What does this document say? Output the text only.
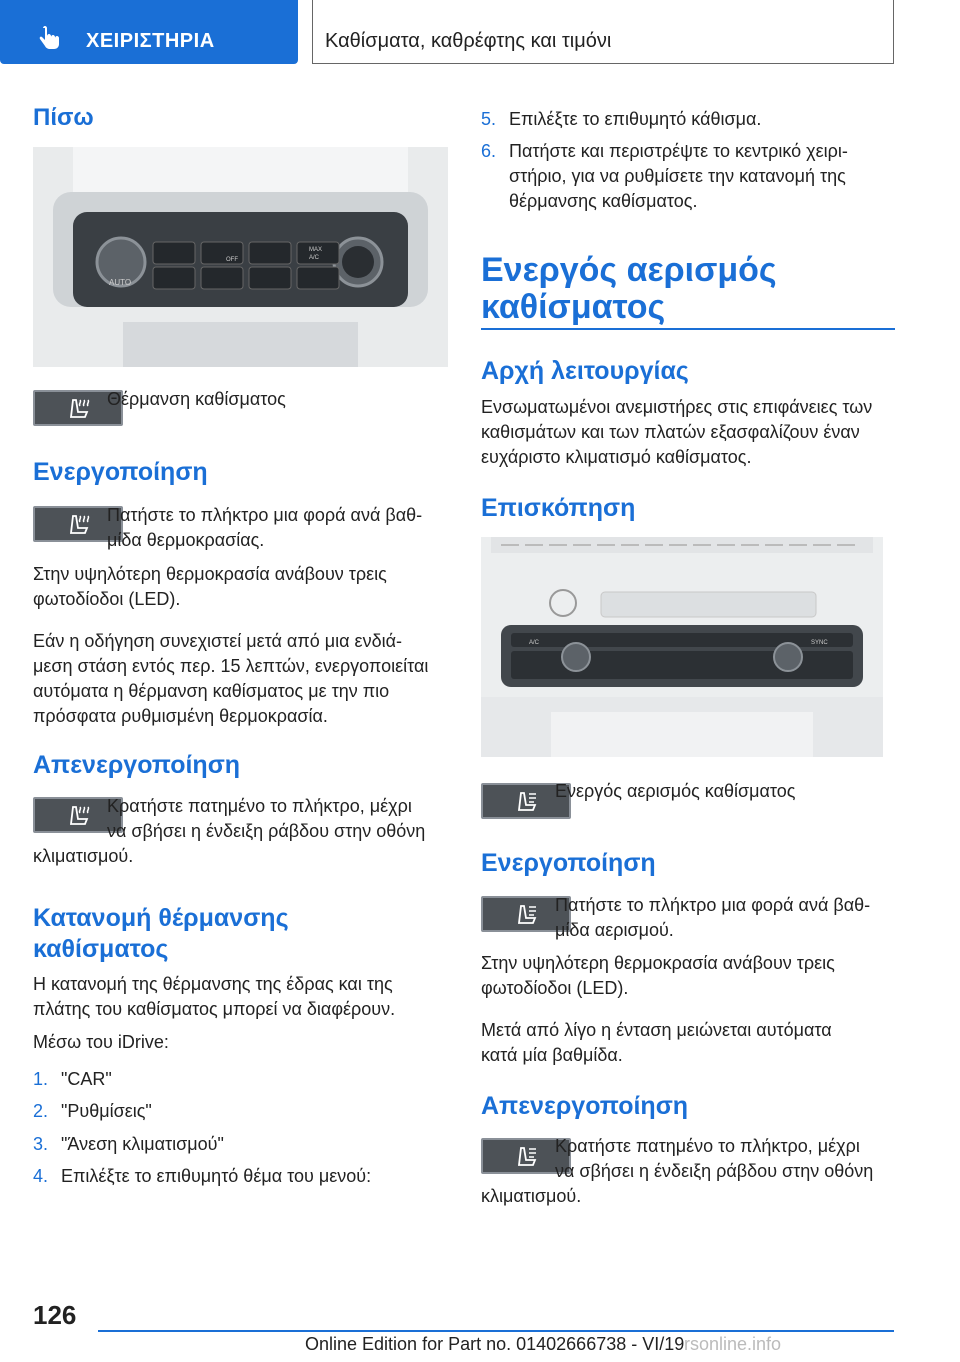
ΧΕΙΡΙΣΤΗΡΙΑ	Καθίσματα, καθρέφτης και τιμόνι
Πίσω
AUTO
OFF
MAX
A/C
Θέρμανση καθίσματος
Ενεργοποίηση
Πατήστε το πλήκτρο μια φορά ανά βαθ-
μίδα θερμοκρασίας.
Στην υψηλότερη θερμοκρασία ανάβουν τρεις
φωτοδίοδοι (LED).
Εάν η οδήγηση συνεχιστεί μετά από μια ενδιά-
μεση στάση εντός περ. 15 λεπτών, ενεργοποιείται
αυτόματα η θέρμανση καθίσματος με την πιο
πρόσφατα ρυθμισμένη θερμοκρασία.
Απενεργοποίηση
Κρατήστε πατημένο το πλήκτρο, μέχρι
να σβήσει η ένδειξη ράβδου στην οθόνη
κλιματισμού.
Κατανομή θέρμανσης
καθίσματος
Η κατανομή της θέρμανσης της έδρας και της
πλάτης του καθίσματος μπορεί να διαφέρουν.
Μέσω του iDrive:
1. "CAR"
2. "Ρυθμίσεις"
3. "Άνεση κλιματισμού"
4. Επιλέξτε το επιθυμητό θέμα του μενού:
5. Επιλέξτε το επιθυμητό κάθισμα.
6. Πατήστε και περιστρέψτε το κεντρικό χειρι-
στήριο, για να ρυθμίσετε την κατανομή της
θέρμανσης καθίσματος.
Ενεργός αερισμός
καθίσματος
Αρχή λειτουργίας
Ενσωματωμένοι ανεμιστήρες στις επιφάνειες των
καθισμάτων και των πλατών εξασφαλίζουν έναν
ευχάριστο κλιματισμό καθίσματος.
Επισκόπηση
A/C	SYNC
Ενεργός αερισμός καθίσματος
Ενεργοποίηση
Πατήστε το πλήκτρο μια φορά ανά βαθ-
μίδα αερισμού.
Στην υψηλότερη θερμοκρασία ανάβουν τρεις
φωτοδίοδοι (LED).
Μετά από λίγο η ένταση μειώνεται αυτόματα
κατά μία βαθμίδα.
Απενεργοποίηση
Κρατήστε πατημένο το πλήκτρο, μέχρι
να σβήσει η ένδειξη ράβδου στην οθόνη
κλιματισμού.
126
Online Edition for Part no. 01402666738 - VI/19 rsonline.info
